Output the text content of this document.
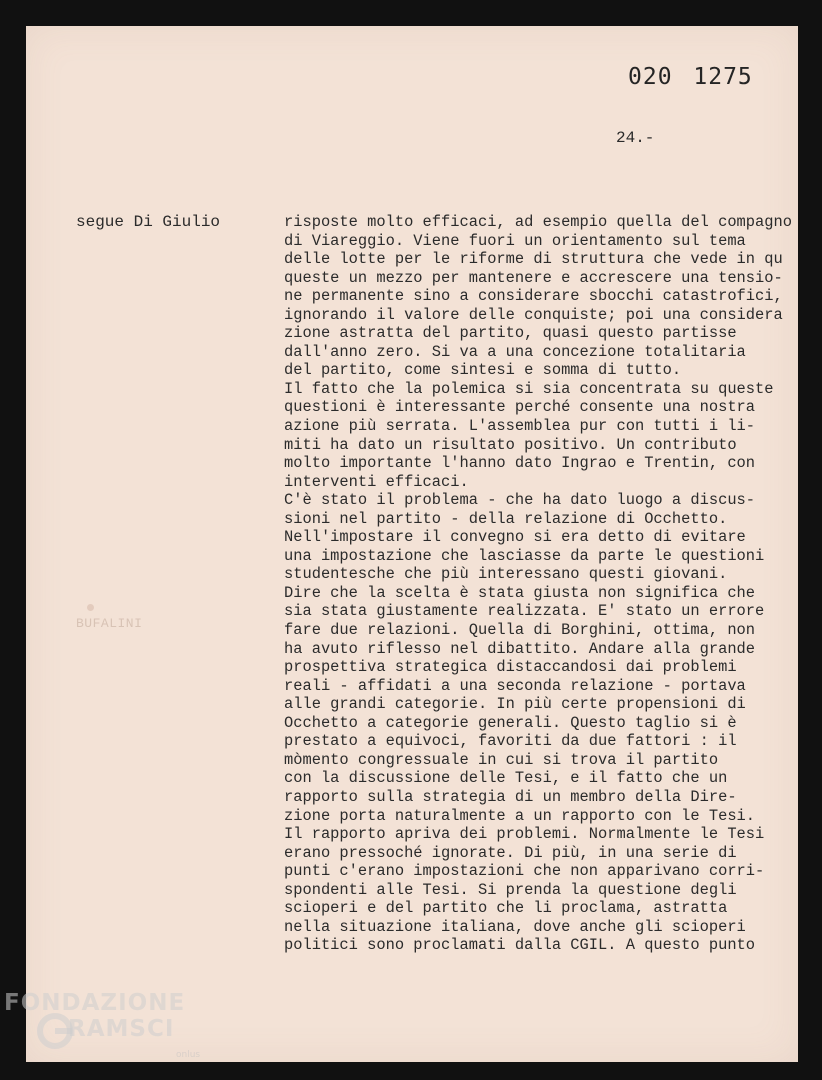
020 1275
24.-
segue Di Giulio
BUFALINI
risposte molto efficaci, ad esempio quella del compagno
di Viareggio. Viene fuori un orientamento sul tema
delle lotte per le riforme di struttura che vede in qu
queste un mezzo per mantenere e accrescere una tensio-
ne permanente sino a considerare sbocchi catastrofici,
ignorando il valore delle conquiste; poi una considera
zione astratta del partito, quasi questo partisse
dall'anno zero. Si va a una concezione totalitaria
del partito, come sintesi e somma di tutto.
Il fatto che la polemica si sia concentrata su queste
questioni è interessante perché consente una nostra
azione più serrata. L'assemblea pur con tutti i li-
miti ha dato un risultato positivo. Un contributo
molto importante l'hanno dato Ingrao e Trentin, con
interventi efficaci.
C'è stato il problema - che ha dato luogo a discus-
sioni nel partito - della relazione di Occhetto.
Nell'impostare il convegno si era detto di evitare
una impostazione che lasciasse da parte le questioni
studentesche che più interessano questi giovani.
Dire che la scelta è stata giusta non significa che
sia stata giustamente realizzata. E' stato un errore
fare due relazioni. Quella di Borghini, ottima, non
ha avuto riflesso nel dibattito. Andare alla grande
prospettiva strategica distaccandosi dai problemi
reali - affidati a una seconda relazione - portava
alle grandi categorie. In più certe propensioni di
Occhetto a categorie generali. Questo taglio si è
prestato a equivoci, favoriti da due fattori : il
mòmento congressuale in cui si trova il partito
con la discussione delle Tesi, e il fatto che un
rapporto sulla strategia di un membro della Dire-
zione porta naturalmente a un rapporto con le Tesi.
Il rapporto apriva dei problemi. Normalmente le Tesi
erano pressoché ignorate. Di più, in una serie di
punti c'erano impostazioni che non apparivano corri-
spondenti alle Tesi. Si prenda la questione degli
scioperi e del partito che li proclama, astratta
nella situazione italiana, dove anche gli scioperi
politici sono proclamati dalla CGIL. A questo punto
FONDAZIONE
RAMSCI
onlus
